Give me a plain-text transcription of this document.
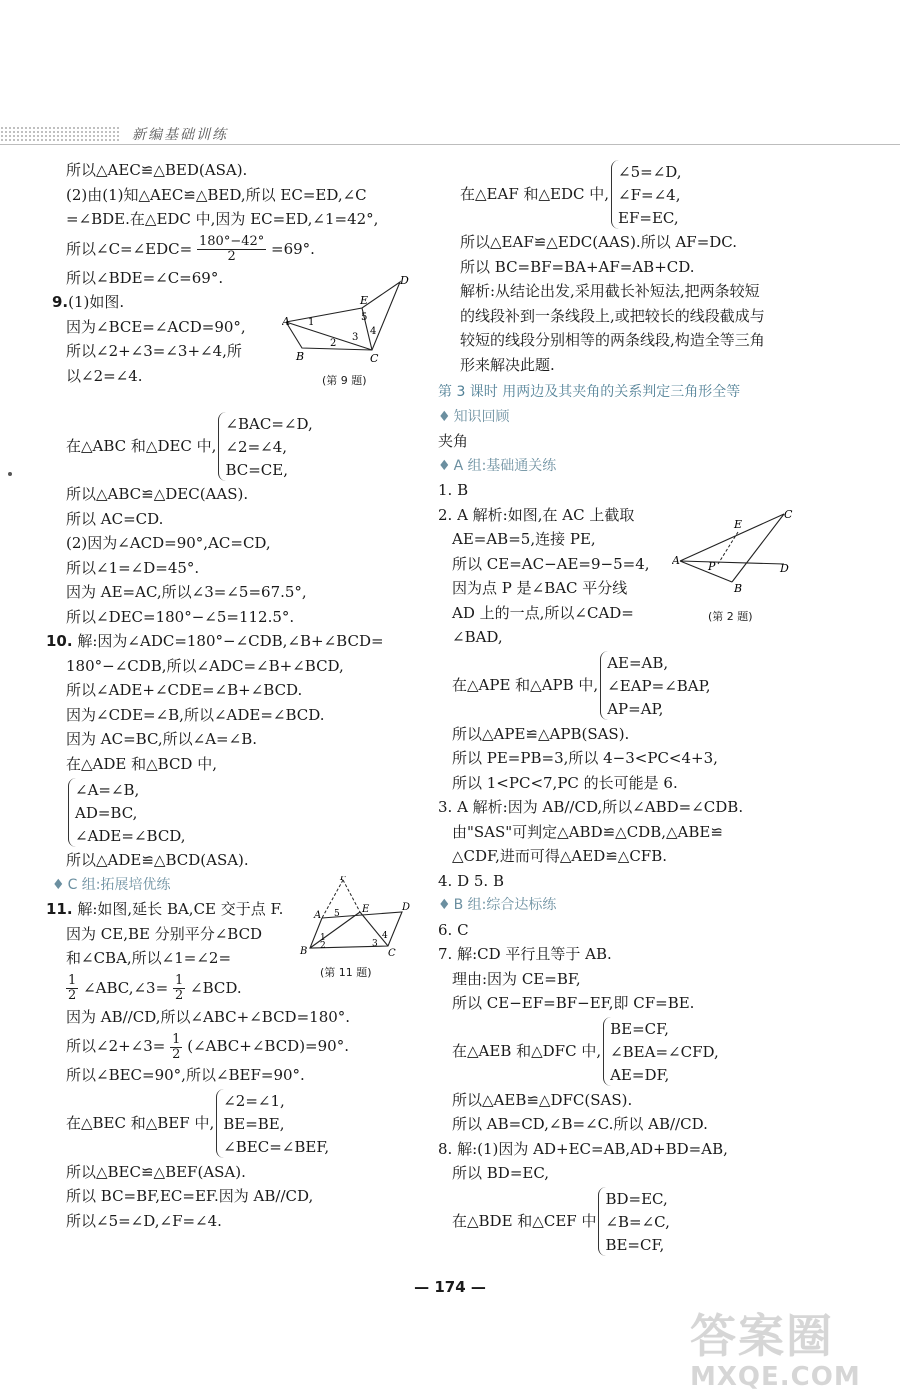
新编基础训练
所以△AEC≌△BED(ASA).
(2)由(1)知△AEC≌△BED,所以 EC=ED,∠C
=∠BDE.在△EDC 中,因为 EC=ED,∠1=42°,
所以∠C=∠EDC= $\frac{180^\circ-42^\circ}{2} =69^\circ$.
所以∠BDE=∠C=69°.
9.(1)如图.
因为∠BCE=∠ACD=90°,
所以∠2+∠3=∠3+∠4,所
以∠2=∠4.
在△ABC 和△DEC 中,
∠BAC=∠D,
∠2=∠4,
BC=CE,
所以△ABC≌△DEC(AAS).
所以 AC=CD.
(2)因为∠ACD=90°,AC=CD,
所以∠1=∠D=45°.
因为 AE=AC,所以∠3=∠5=67.5°,
所以∠DEC=180°−∠5=112.5°.
10. 解:因为∠ADC=180°−∠CDB,∠B+∠BCD=
180°−∠CDB,所以∠ADC=∠B+∠BCD,
所以∠ADE+∠CDE=∠B+∠BCD.
因为∠CDE=∠B,所以∠ADE=∠BCD.
因为 AC=BC,所以∠A=∠B.
在△ADE 和△BCD 中,
∠A=∠B,
AD=BC,
∠ADE=∠BCD,
所以△ADE≌△BCD(ASA).
♦ C 组:拓展培优练
11. 解:如图,延长 BA,CE 交于点 F.
因为 CE,BE 分别平分∠BCD
和∠CBA,所以∠1=∠2=
$\frac{1}{2}$ ∠ABC,∠3= $\frac{1}{2}$ ∠BCD.
因为 AB//CD,所以∠ABC+∠BCD=180°.
所以∠2+∠3= $\frac{1}{2}$ (∠ABC+∠BCD)=90°.
所以∠BEC=90°,所以∠BEF=90°.
在△BEC 和△BEF 中,
∠2=∠1,
BE=BE,
∠BEC=∠BEF,
所以△BEC≌△BEF(ASA).
所以 BC=BF,EC=EF.因为 AB//CD,
所以∠5=∠D,∠F=∠4.
A
B	C
D
E
1
2
3
4
5
(第 9 题)
F
A
B	C
D
E
5
1
2	3
4
(第 11 题)
在△EAF 和△EDC 中,
∠5=∠D,
∠F=∠4,
EF=EC,
所以△EAF≌△EDC(AAS).所以 AF=DC.
所以 BC=BF=BA+AF=AB+CD.
解析:从结论出发,采用截长补短法,把两条较短
的线段补到一条线段上,或把较长的线段截成与
较短的线段分别相等的两条线段,构造全等三角
形来解决此题.
第 3 课时 用两边及其夹角的关系判定三角形全等
♦ 知识回顾
夹角
♦ A 组:基础通关练
1. B
2. A 解析:如图,在 AC 上截取
AE=AB=5,连接 PE,
所以 CE=AC−AE=9−5=4,
因为点 P 是∠BAC 平分线
AD 上的一点,所以∠CAD=
∠BAD,
在△APE 和△APB 中,
AE=AB,
∠EAP=∠BAP,
AP=AP,
所以△APE≌△APB(SAS).
所以 PE=PB=3,所以 4−3<PC<4+3,
所以 1<PC<7,PC 的长可能是 6.
3. A 解析:因为 AB//CD,所以∠ABD=∠CDB.
由"SAS"可判定△ABD≌△CDB,△ABE≌
△CDF,进而可得△AED≌△CFB.
4. D 5. B
♦ B 组:综合达标练
6. C
7. 解:CD 平行且等于 AB.
理由:因为 CE=BF,
所以 CE−EF=BF−EF,即 CF=BE.
在△AEB 和△DFC 中,
BE=CF,
∠BEA=∠CFD,
AE=DF,
所以△AEB≌△DFC(SAS).
所以 AB=CD,∠B=∠C.所以 AB//CD.
8. 解:(1)因为 AD+EC=AB,AD+BD=AB,
所以 BD=EC,
在△BDE 和△CEF 中
BD=EC,
∠B=∠C,
BE=CF,
A
B
C
D
E
P
(第 2 题)
— 174 —
答案圈
MXQE.COM
